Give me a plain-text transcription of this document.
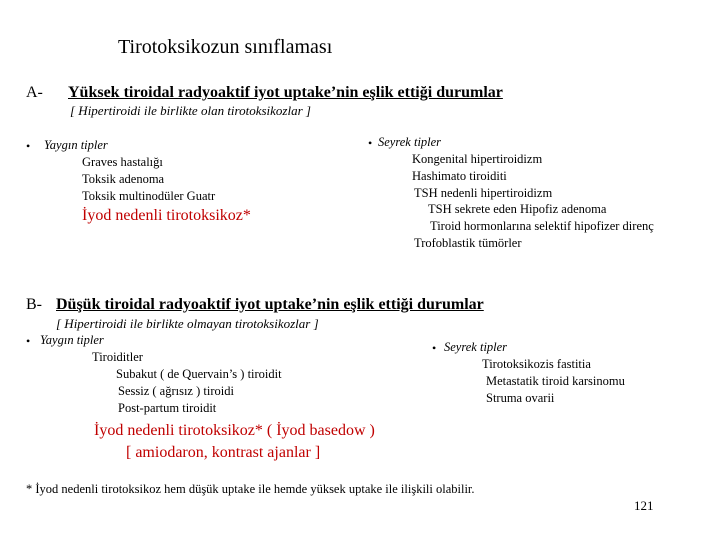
Tirotoksikozun sınıflaması
A- Yüksek tiroidal radyoaktif iyot uptake’nin eşlik ettiği durumlar
[ Hipertiroidi ile birlikte olan tirotoksikozlar ]
• Yaygın tipler
Graves hastalığı
Toksik adenoma
Toksik multinodüler Guatr
İyod nedenli tirotoksikoz*
• Seyrek tipler
Kongenital hipertiroidizm
Hashimato tiroiditi
TSH nedenli hipertiroidizm
TSH sekrete eden Hipofiz adenoma
Tiroid hormonlarına selektif hipofizer direnç
Trofoblastik tümörler
B- Düşük tiroidal radyoaktif iyot uptake’nin eşlik ettiği durumlar
[ Hipertiroidi ile birlikte olmayan tirotoksikozlar ]
• Yaygın tipler
Tiroiditler
Subakut ( de Quervain’s ) tiroidit
Sessiz ( ağrısız ) tiroidi
Post-partum tiroidit
İyod nedenli tirotoksikoz* ( İyod basedow )
[ amiodaron, kontrast ajanlar ]
• Seyrek tipler
Tirotoksikozis fastitia
Metastatik tiroid karsinomu
Struma ovarii
* İyod nedenli tirotoksikoz hem düşük uptake ile hemde yüksek uptake ile ilişkili olabilir.
121
